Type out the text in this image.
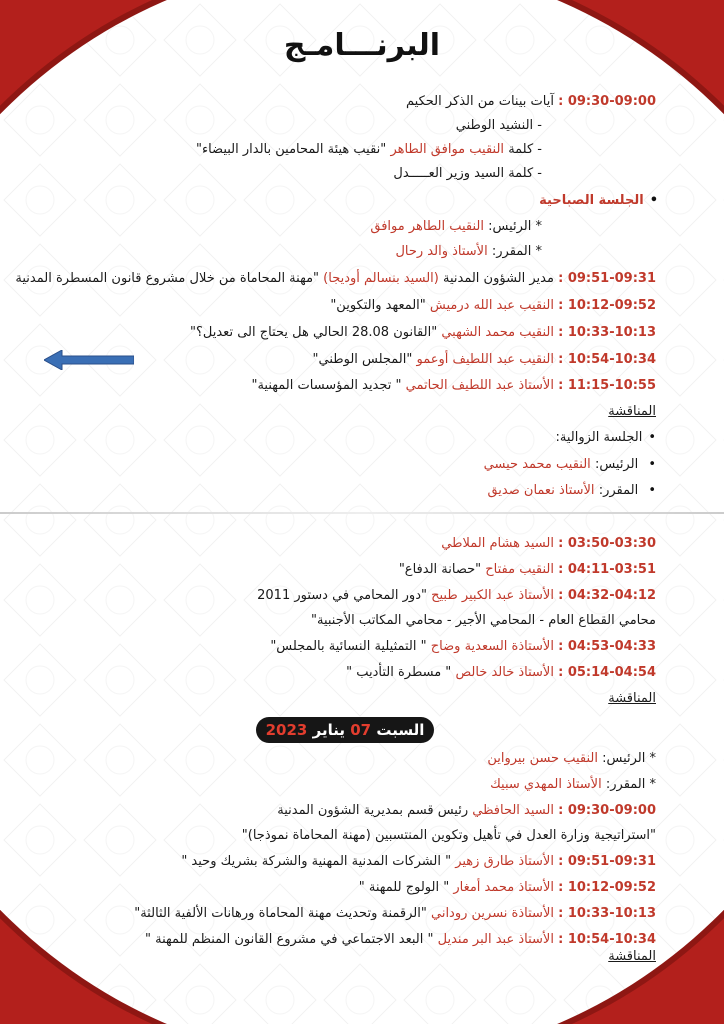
البرنـــامـج
09:30-09:00 : آيات بينات من الذكر الحكيم
- النشيد الوطني
- كلمة النقيب موافق الطاهر "نقيب هيئة المحامين بالدار البيضاء"
- كلمة السيد وزير العـــــدل
• الجلسة الصباحية
* الرئيس: النقيب الطاهر موافق
* المقرر: الأستاذ والد رحال
09:51-09:31 : مدير الشؤون المدنية (السيد بنسالم أوديجا) "مهنة المحاماة من خلال مشروع قانون المسطرة المدنية
10:12-09:52 : النقيب عبد الله درميش "المعهد والتكوين"
10:33-10:13 : النقيب محمد الشهبي "القانون 28.08 الحالي هل يحتاج الى تعديل؟"
10:54-10:34 : النقيب عبد اللطيف أوعمو "المجلس الوطني"
11:15-10:55 : الأستاذ عبد اللطيف الحاتمي " تجديد المؤسسات المهنية"
المناقشة
• الجلسة الزوالية:
• الرئيس: النقيب محمد حيسي
• المقرر: الأستاذ نعمان صديق
03:50-03:30 : السيد هشام الملاطي
04:11-03:51 : النقيب مفتاح "حصانة الدفاع"
04:32-04:12 : الأستاذ عبد الكبير طبيح "دور المحامي في دستور 2011
محامي القطاع العام - المحامي الأجير - محامي المكاتب الأجنبية"
04:53-04:33 : الأستاذة السعدية وضاح " التمثيلية النسائية بالمجلس"
05:14-04:54 : الأستاذ خالد خالص " مسطرة التأديب "
المناقشة
السبت 07 يناير 2023
* الرئيس: النقيب حسن بيرواين
* المقرر: الأستاذ المهدي سبيك
09:30-09:00 : السيد الحافظي رئيس قسم بمديرية الشؤون المدنية
"استراتيجية وزارة العدل في تأهيل وتكوين المنتسبين (مهنة المحاماة نموذجا)"
09:51-09:31 : الأستاذ طارق زهير " الشركات المدنية المهنية والشركة بشريك وحيد "
10:12-09:52 : الأستاذ محمد أمغار " الولوج للمهنة "
10:33-10:13 : الأستاذة نسرين روداني "الرقمنة وتحديث مهنة المحاماة ورهانات الألفية الثالثة"
10:54-10:34 : الأستاذ عبد البر منديل " البعد الاجتماعي في مشروع القانون المنظم للمهنة "
المناقشة
